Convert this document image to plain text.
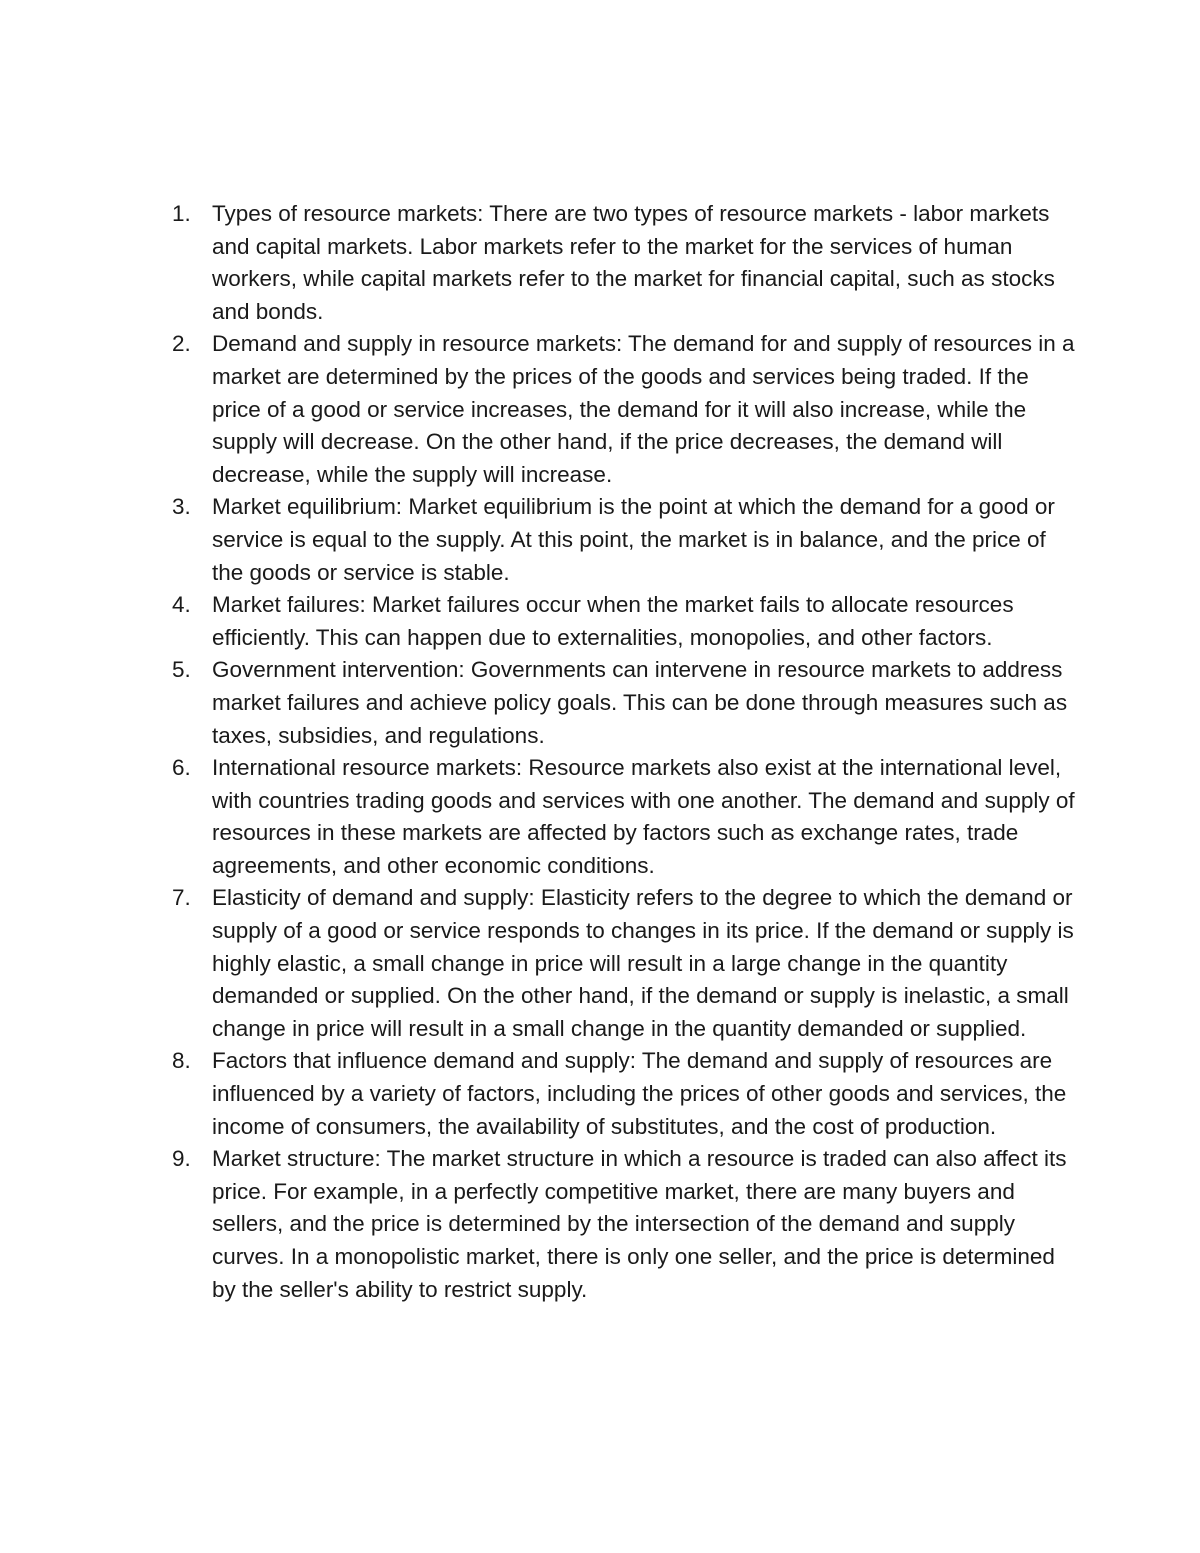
1. Types of resource markets: There are two types of resource markets - labor markets and capital markets. Labor markets refer to the market for the services of human workers, while capital markets refer to the market for financial capital, such as stocks and bonds.
2. Demand and supply in resource markets: The demand for and supply of resources in a market are determined by the prices of the goods and services being traded. If the price of a good or service increases, the demand for it will also increase, while the supply will decrease. On the other hand, if the price decreases, the demand will decrease, while the supply will increase.
3. Market equilibrium: Market equilibrium is the point at which the demand for a good or service is equal to the supply. At this point, the market is in balance, and the price of the goods or service is stable.
4. Market failures: Market failures occur when the market fails to allocate resources efficiently. This can happen due to externalities, monopolies, and other factors.
5. Government intervention: Governments can intervene in resource markets to address market failures and achieve policy goals. This can be done through measures such as taxes, subsidies, and regulations.
6. International resource markets: Resource markets also exist at the international level, with countries trading goods and services with one another. The demand and supply of resources in these markets are affected by factors such as exchange rates, trade agreements, and other economic conditions.
7. Elasticity of demand and supply: Elasticity refers to the degree to which the demand or supply of a good or service responds to changes in its price. If the demand or supply is highly elastic, a small change in price will result in a large change in the quantity demanded or supplied. On the other hand, if the demand or supply is inelastic, a small change in price will result in a small change in the quantity demanded or supplied.
8. Factors that influence demand and supply: The demand and supply of resources are influenced by a variety of factors, including the prices of other goods and services, the income of consumers, the availability of substitutes, and the cost of production.
9. Market structure: The market structure in which a resource is traded can also affect its price. For example, in a perfectly competitive market, there are many buyers and sellers, and the price is determined by the intersection of the demand and supply curves. In a monopolistic market, there is only one seller, and the price is determined by the seller's ability to restrict supply.
